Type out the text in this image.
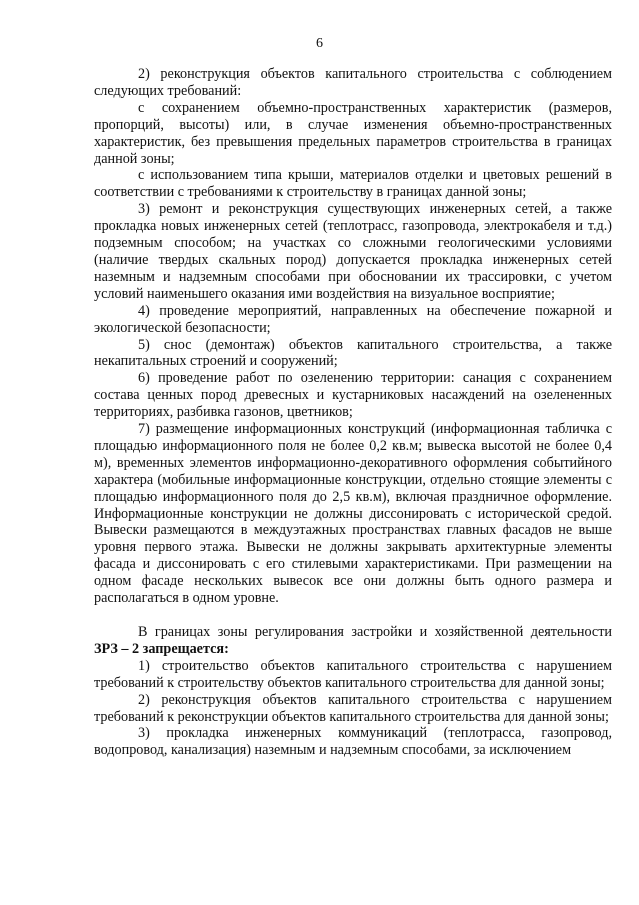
6

2) реконструкция объектов капитального строительства с соблюдением следующих требований:

с сохранением объемно-пространственных характеристик (размеров, пропорций, высоты) или, в случае изменения объемно-пространственных характеристик, без превышения предельных параметров строительства в границах данной зоны;

с использованием типа крыши, материалов отделки и цветовых решений в соответствии с требованиями к строительству в границах данной зоны;

3) ремонт и реконструкция существующих инженерных сетей, а также прокладка новых инженерных сетей (теплотрасс, газопровода, электрокабеля и т.д.) подземным способом; на участках со сложными геологическими условиями (наличие твердых скальных пород) допускается прокладка инженерных сетей наземным и надземным способами при обосновании их трассировки, с учетом условий наименьшего оказания ими воздействия на визуальное восприятие;

4) проведение мероприятий, направленных на обеспечение пожарной и экологической безопасности;

5) снос (демонтаж) объектов капитального строительства, а также некапитальных строений и сооружений;

6) проведение работ по озеленению территории: санация с сохранением состава ценных пород древесных и кустарниковых насаждений на озелененных территориях, разбивка газонов, цветников;

7) размещение информационных конструкций (информационная табличка с площадью информационного поля не более 0,2 кв.м; вывеска высотой не более 0,4 м), временных элементов информационно-декоративного оформления событийного характера (мобильные информационные конструкции, отдельно стоящие элементы с площадью информационного поля до 2,5 кв.м), включая праздничное оформление. Информационные конструкции не должны диссонировать с исторической средой. Вывески размещаются в междуэтажных пространствах главных фасадов не выше уровня первого этажа. Вывески не должны закрывать архитектурные элементы фасада и диссонировать с его стилевыми характеристиками. При размещении на одном фасаде нескольких вывесок все они должны быть одного размера и располагаться в одном уровне.

В границах зоны регулирования застройки и хозяйственной деятельности ЗРЗ – 2 запрещается:

1) строительство объектов капитального строительства с нарушением требований к строительству объектов капитального строительства для данной зоны;

2) реконструкция объектов капитального строительства с нарушением требований к реконструкции объектов капитального строительства для данной зоны;

3) прокладка инженерных коммуникаций (теплотрасса, газопровод, водопровод, канализация) наземным и надземным способами, за исключением
